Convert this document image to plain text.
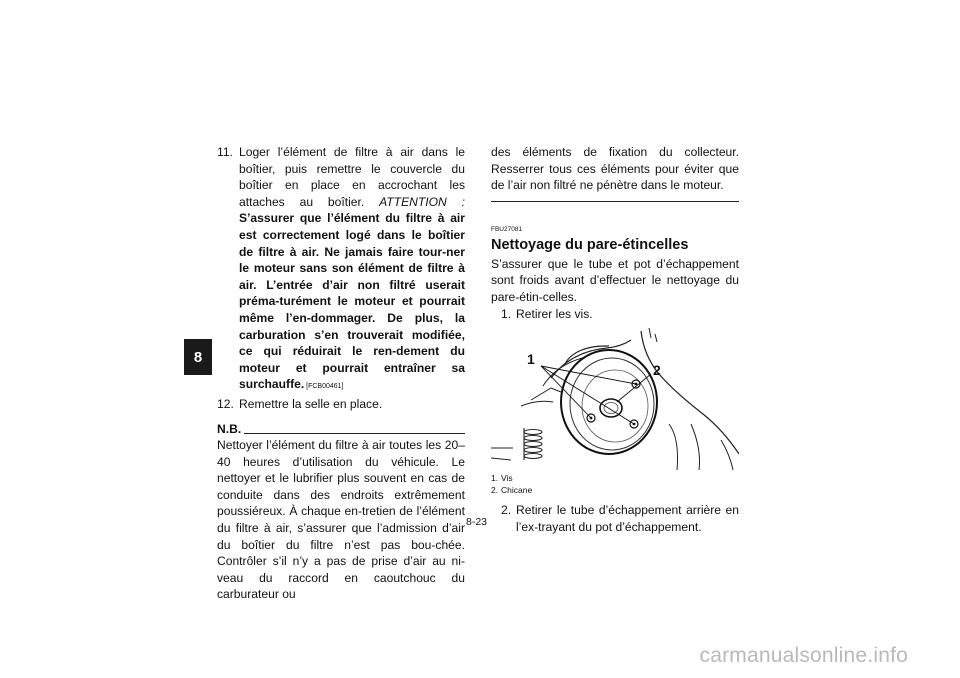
8
11. Loger l’élément de filtre à air dans le boîtier, puis remettre le couvercle du boîtier en place en accrochant les attaches au boîtier. ATTENTION : S’assurer que l’élément du filtre à air est correctement logé dans le boîtier de filtre à air. Ne jamais faire tour-ner le moteur sans son élément de filtre à air. L’entrée d’air non filtré userait préma-turément le moteur et pourrait même l’en-dommager. De plus, la carburation s’en trouverait modifiée, ce qui réduirait le ren-dement du moteur et pourrait entraîner sa surchauffe. [FCB00461]
12. Remettre la selle en place.
N.B.

Nettoyer l’élément du filtre à air toutes les 20–40 heures d’utilisation du véhicule. Le nettoyer et le lubrifier plus souvent en cas de conduite dans des endroits extrêmement poussiéreux. À chaque en-tretien de l’élément du filtre à air, s’assurer que l’admission d’air du boîtier du filtre n’est pas bou-chée. Contrôler s’il n’y a pas de prise d’air au ni-veau du raccord en caoutchouc du carburateur ou

des éléments de fixation du collecteur. Resserrer tous ces éléments pour éviter que de l’air non filtré ne pénètre dans le moteur.

FBU27081
Nettoyage du pare-étincelles

S’assurer que le tube et pot d’échappement sont froids avant d’effectuer le nettoyage du pare-étin-celles.

1. Retirer les vis.
1
2
1. Vis
2. Chicane
2. Retirer le tube d’échappement arrière en l’ex-trayant du pot d’échappement.
8-23
carmanualsonline.info
